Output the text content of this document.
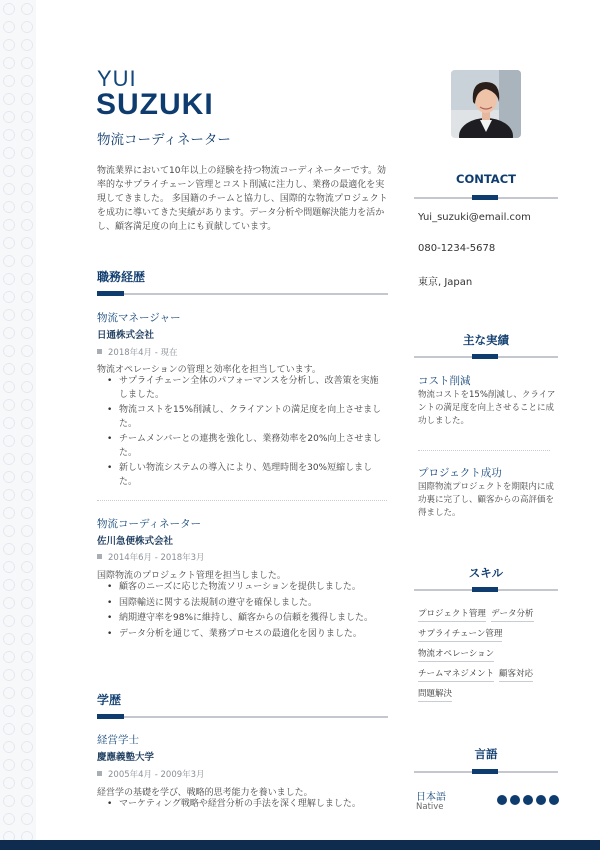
YUI
SUZUKI
物流コーディネーター
物流業界において10年以上の経験を持つ物流コーディネーターです。効率的なサプライチェーン管理とコスト削減に注力し、業務の最適化を実現してきました。 多国籍のチームと協力し、国際的な物流プロジェクトを成功に導いてきた実績があります。データ分析や問題解決能力を活かし、顧客満足度の向上にも貢献しています。
職務経歴
物流マネージャー
日通株式会社
2018年4月 - 現在
物流オペレーションの管理と効率化を担当しています。
• サプライチェーン全体のパフォーマンスを分析し、改善策を実施しました。
• 物流コストを15%削減し、クライアントの満足度を向上させました。
• チームメンバーとの連携を強化し、業務効率を20%向上させました。
• 新しい物流システムの導入により、処理時間を30%短縮しました。
物流コーディネーター
佐川急便株式会社
2014年6月 - 2018年3月
国際物流のプロジェクト管理を担当しました。
• 顧客のニーズに応じた物流ソリューションを提供しました。
• 国際輸送に関する法規制の遵守を確保しました。
• 納期遵守率を98%に維持し、顧客からの信頼を獲得しました。
• データ分析を通じて、業務プロセスの最適化を図りました。
学歴
経営学士
慶應義塾大学
2005年4月 - 2009年3月
経営学の基礎を学び、戦略的思考能力を養いました。
• マーケティング戦略や経営分析の手法を深く理解しました。
CONTACT
Yui_suzuki@email.com
080-1234-5678
東京, Japan
主な実績
コスト削減
物流コストを15%削減し、クライアントの満足度を向上させることに成功しました。
プロジェクト成功
国際物流プロジェクトを期限内に成功裏に完了し、顧客からの高評価を得ました。
スキル
プロジェクト管理 データ分析
サプライチェーン管理
物流オペレーション
チームマネジメント 顧客対応
問題解決
言語
日本語
Native
